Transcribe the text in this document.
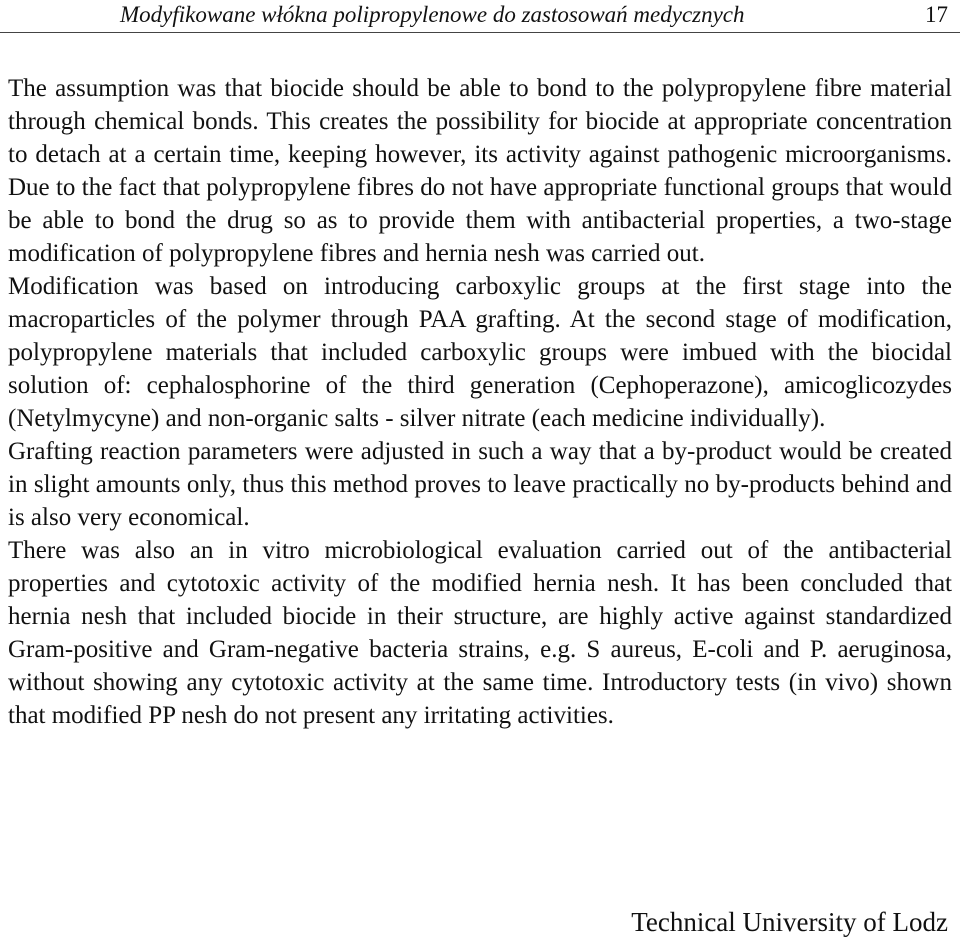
Modyfikowane włókna polipropylenowe do zastosowań medycznych	17

The assumption was that biocide should be able to bond to the polypropylene fibre material through chemical bonds. This creates the possibility for biocide at appropriate concentration to detach at a certain time, keeping however, its activity against pathogenic microorganisms. Due to the fact that polypropylene fibres do not have appropriate functional groups that would be able to bond the drug so as to provide them with antibacterial properties, a two-stage modification of polypropylene fibres and hernia nesh was carried out.

Modification was based on introducing carboxylic groups at the first stage into the macroparticles of the polymer through PAA grafting. At the second stage of modification, polypropylene materials that included carboxylic groups were imbued with the biocidal solution of: cephalosphorine of the third generation (Cephoperazone), amicoglicozydes (Netylmycyne) and non-organic salts - silver nitrate (each medicine individually).

Grafting reaction parameters were adjusted in such a way that a by-product would be created in slight amounts only, thus this method proves to leave practically no by-products behind and is also very economical.

There was also an in vitro microbiological evaluation carried out of the antibacterial properties and cytotoxic activity of the modified hernia nesh. It has been concluded that hernia nesh that included biocide in their structure, are highly active against standardized Gram-positive and Gram-negative bacteria strains, e.g. S aureus, E-coli and P. aeruginosa, without showing any cytotoxic activity at the same time. Introductory tests (in vivo) shown that modified PP nesh do not present any irritating activities.

Technical University of Lodz
